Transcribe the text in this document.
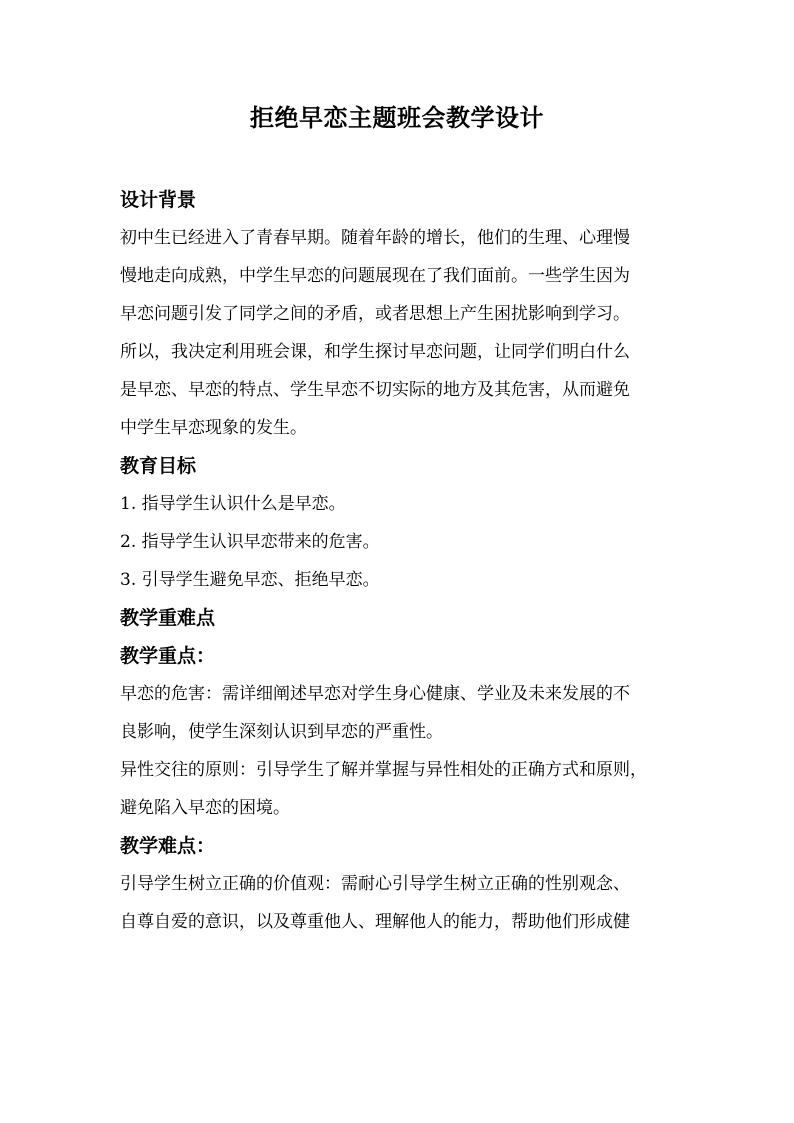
拒绝早恋主题班会教学设计
设计背景
初中生已经进入了青春早期。随着年龄的增长，他们的生理、心理慢
慢地走向成熟，中学生早恋的问题展现在了我们面前。一些学生因为
早恋问题引发了同学之间的矛盾，或者思想上产生困扰影响到学习。
所以，我决定利用班会课，和学生探讨早恋问题，让同学们明白什么
是早恋、早恋的特点、学生早恋不切实际的地方及其危害，从而避免
中学生早恋现象的发生。
教育目标
1. 指导学生认识什么是早恋。
2. 指导学生认识早恋带来的危害。
3. 引导学生避免早恋、拒绝早恋。
教学重难点
教学重点：
早恋的危害：需详细阐述早恋对学生身心健康、学业及未来发展的不
良影响，使学生深刻认识到早恋的严重性。
异性交往的原则：引导学生了解并掌握与异性相处的正确方式和原则，
避免陷入早恋的困境。
教学难点：
引导学生树立正确的价值观：需耐心引导学生树立正确的性别观念、
自尊自爱的意识，以及尊重他人、理解他人的能力，帮助他们形成健
